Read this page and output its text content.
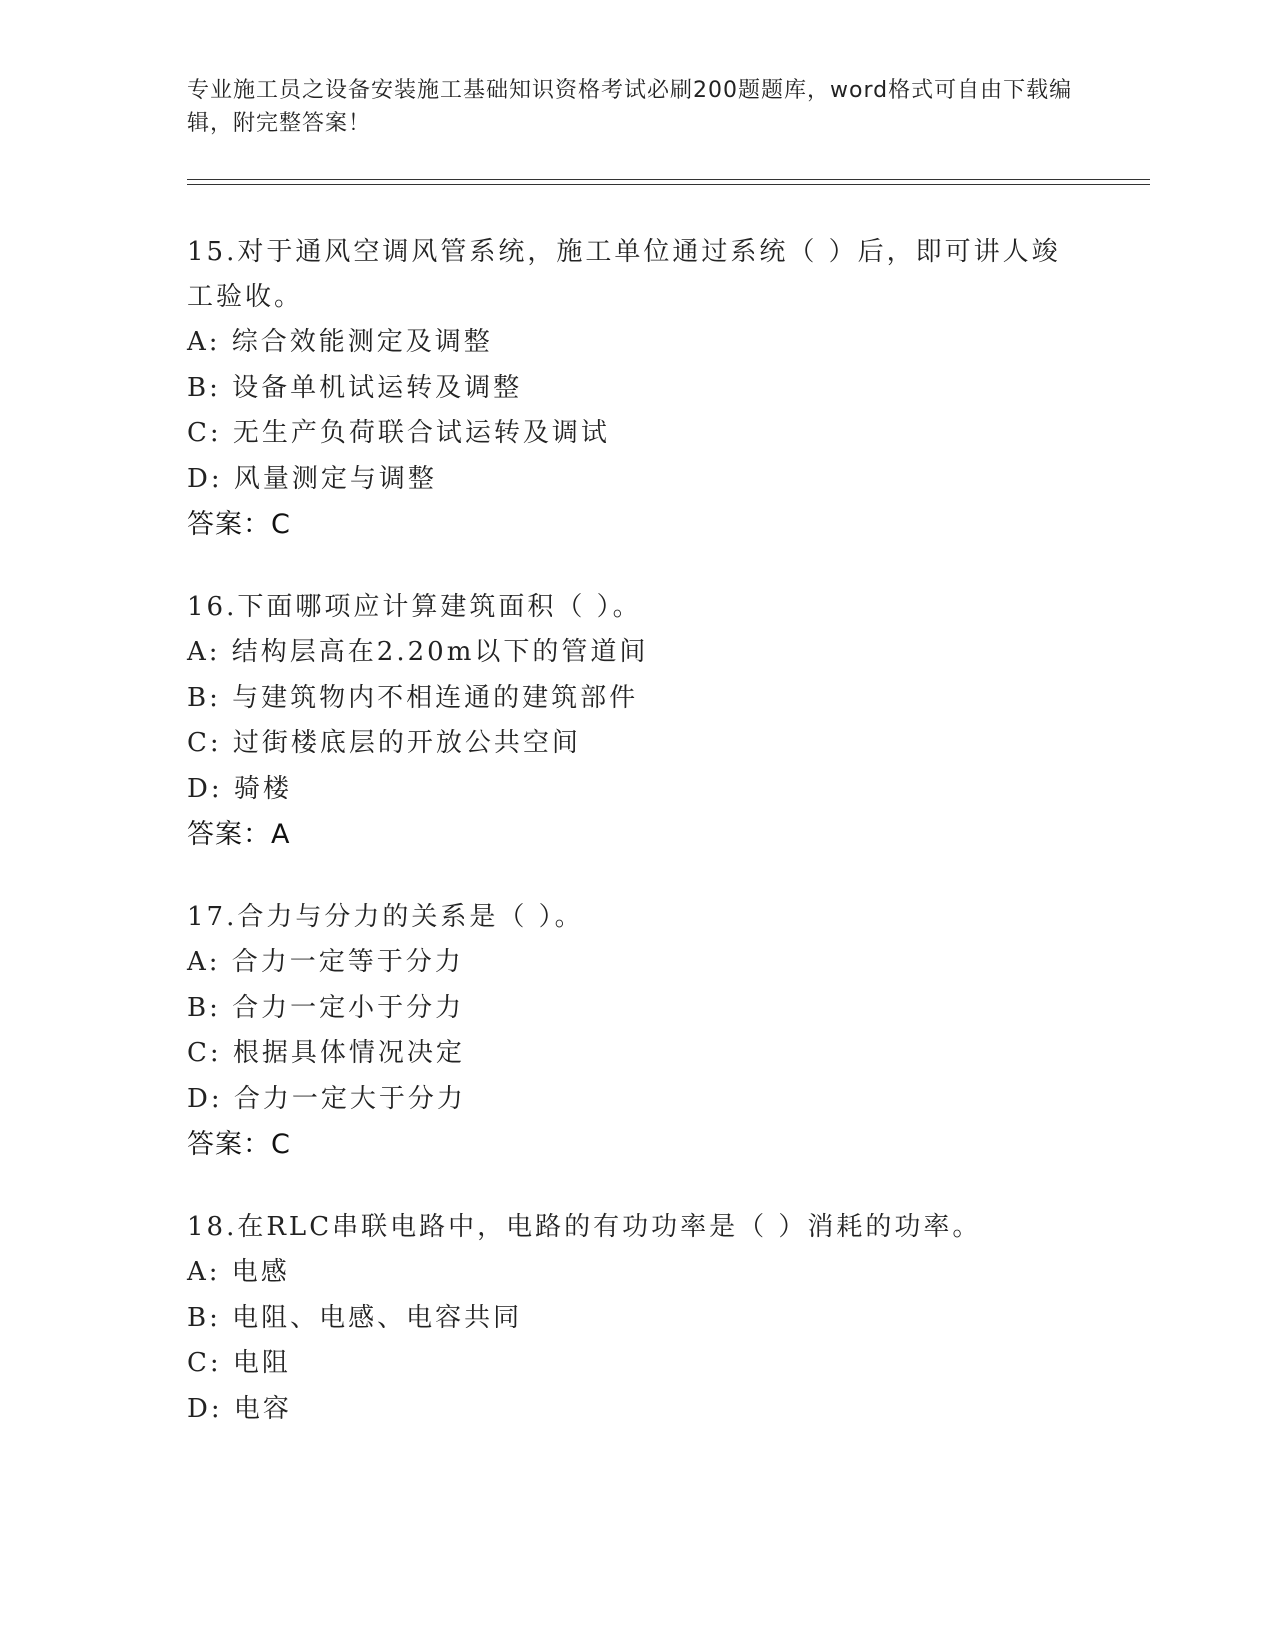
专业施工员之设备安装施工基础知识资格考试必刷200题题库，word格式可自由下载编辑，附完整答案！
15.对于通风空调风管系统，施工单位通过系统（ ）后，即可讲人竣工验收。
A: 综合效能测定及调整
B: 设备单机试运转及调整
C: 无生产负荷联合试运转及调试
D: 风量测定与调整
答案：C
16.下面哪项应计算建筑面积（ ）。
A: 结构层高在2.20m以下的管道间
B: 与建筑物内不相连通的建筑部件
C: 过街楼底层的开放公共空间
D: 骑楼
答案：A
17.合力与分力的关系是（ ）。
A: 合力一定等于分力
B: 合力一定小于分力
C: 根据具体情况决定
D: 合力一定大于分力
答案：C
18.在RLC串联电路中，电路的有功功率是（ ）消耗的功率。
A: 电感
B: 电阻、电感、电容共同
C: 电阻
D: 电容
